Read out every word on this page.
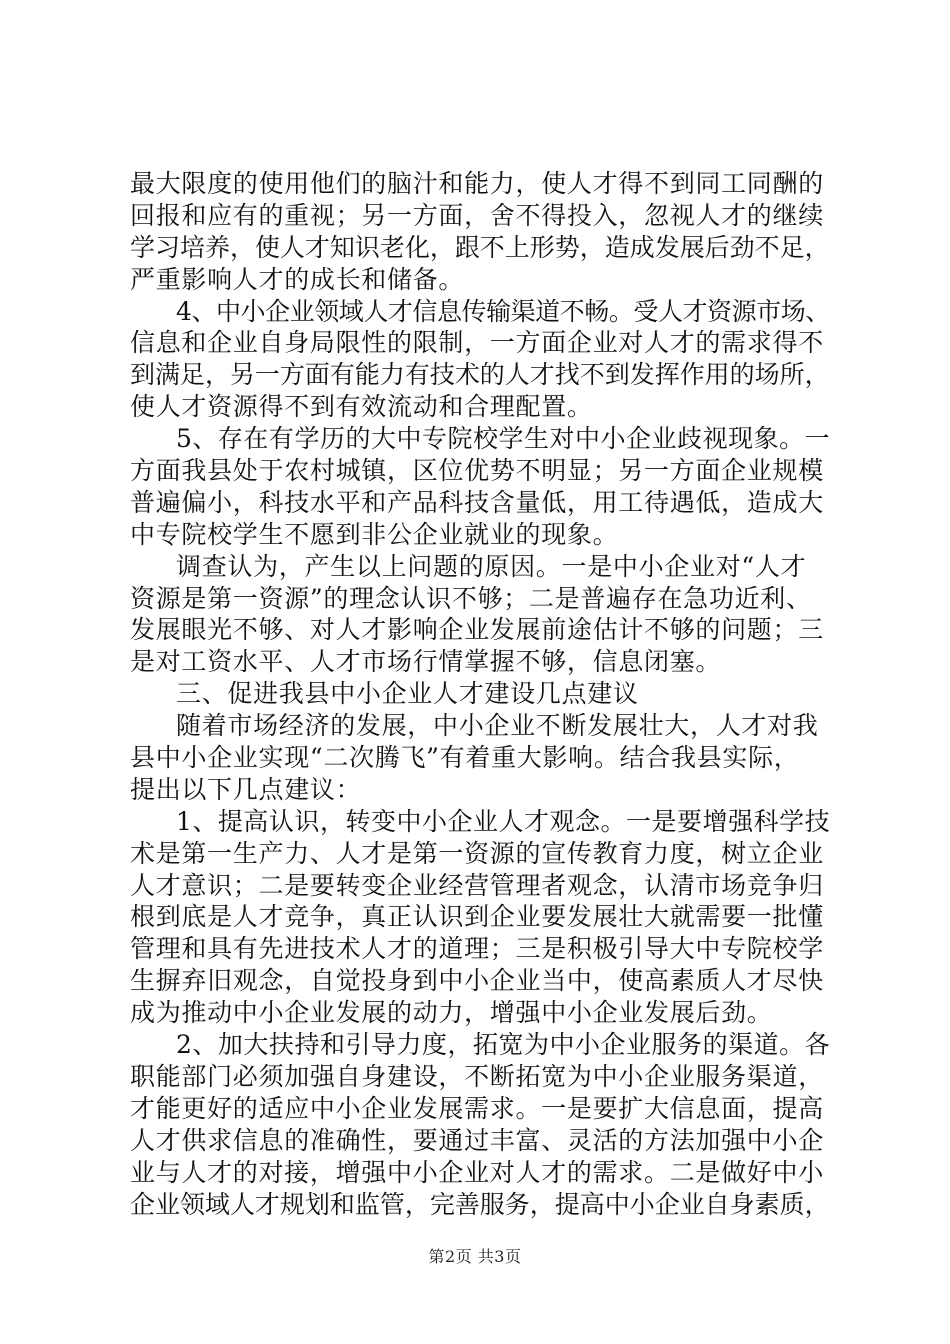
最大限度的使用他们的脑汁和能力，使人才得不到同工同酬的
回报和应有的重视；另一方面，舍不得投入，忽视人才的继续
学习培养，使人才知识老化，跟不上形势，造成发展后劲不足，
严重影响人才的成长和储备。
4、中小企业领域人才信息传输渠道不畅。受人才资源市场、
信息和企业自身局限性的限制，一方面企业对人才的需求得不
到满足，另一方面有能力有技术的人才找不到发挥作用的场所，
使人才资源得不到有效流动和合理配置。
5、存在有学历的大中专院校学生对中小企业歧视现象。一
方面我县处于农村城镇，区位优势不明显；另一方面企业规模
普遍偏小，科技水平和产品科技含量低，用工待遇低，造成大
中专院校学生不愿到非公企业就业的现象。
调查认为，产生以上问题的原因。一是中小企业对“人才
资源是第一资源”的理念认识不够；二是普遍存在急功近利、
发展眼光不够、对人才影响企业发展前途估计不够的问题；三
是对工资水平、人才市场行情掌握不够，信息闭塞。
三、促进我县中小企业人才建设几点建议
随着市场经济的发展，中小企业不断发展壮大，人才对我
县中小企业实现“二次腾飞”有着重大影响。结合我县实际，
提出以下几点建议：
1、提高认识，转变中小企业人才观念。一是要增强科学技
术是第一生产力、人才是第一资源的宣传教育力度，树立企业
人才意识；二是要转变企业经营管理者观念，认清市场竞争归
根到底是人才竞争，真正认识到企业要发展壮大就需要一批懂
管理和具有先进技术人才的道理；三是积极引导大中专院校学
生摒弃旧观念，自觉投身到中小企业当中，使高素质人才尽快
成为推动中小企业发展的动力，增强中小企业发展后劲。
2、加大扶持和引导力度，拓宽为中小企业服务的渠道。各
职能部门必须加强自身建设，不断拓宽为中小企业服务渠道，
才能更好的适应中小企业发展需求。一是要扩大信息面，提高
人才供求信息的准确性，要通过丰富、灵活的方法加强中小企
业与人才的对接，增强中小企业对人才的需求。二是做好中小
企业领域人才规划和监管，完善服务，提高中小企业自身素质，
第2页 共3页
